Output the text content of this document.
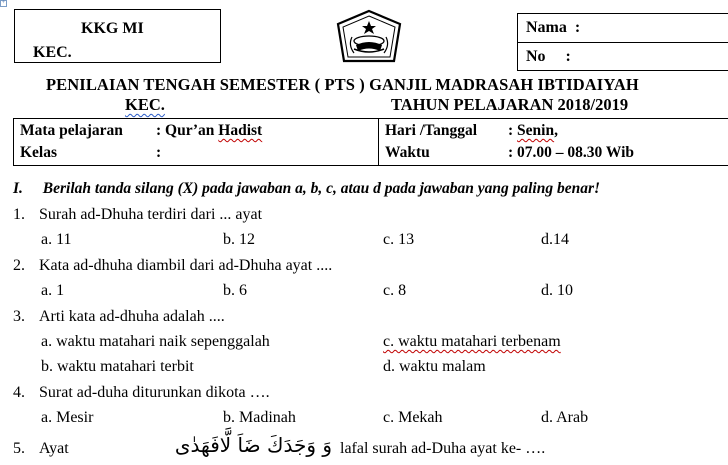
+
KKG MI
KEC.
Nama  :
No     :
PENILAIAN TENGAH SEMESTER ( PTS ) GANJIL MADRASAH IBTIDAIYAH
KEC.	TAHUN PELAJARAN 2018/2019
Mata pelajaran : Qur’an Hadist
Kelas	:
Hari /Tanggal : Senin,
Waktu	: 07.00 – 08.30 Wib
I. Berilah tanda silang (X) pada jawaban a, b, c, atau d pada jawaban yang paling benar!
1. Surah ad-Dhuha terdiri dari ... ayat
a. 11	b. 12	c. 13	d.14
2. Kata ad-dhuha diambil dari ad-Dhuha ayat ....
a. 1	b. 6	c. 8	d. 10
3. Arti kata ad-dhuha adalah ....
a. waktu matahari naik sepenggalah	c. waktu matahari terbenam
b. waktu matahari terbit	d. waktu malam
4. Surat ad-duha diturunkan dikota ….
a. Mesir	b. Madinah	c. Mekah	d. Arab
5. Ayat	وَ وَجَدَكَ ضَاَ لَّافَهَدٰى lafal surah ad-Duha ayat ke- ….
